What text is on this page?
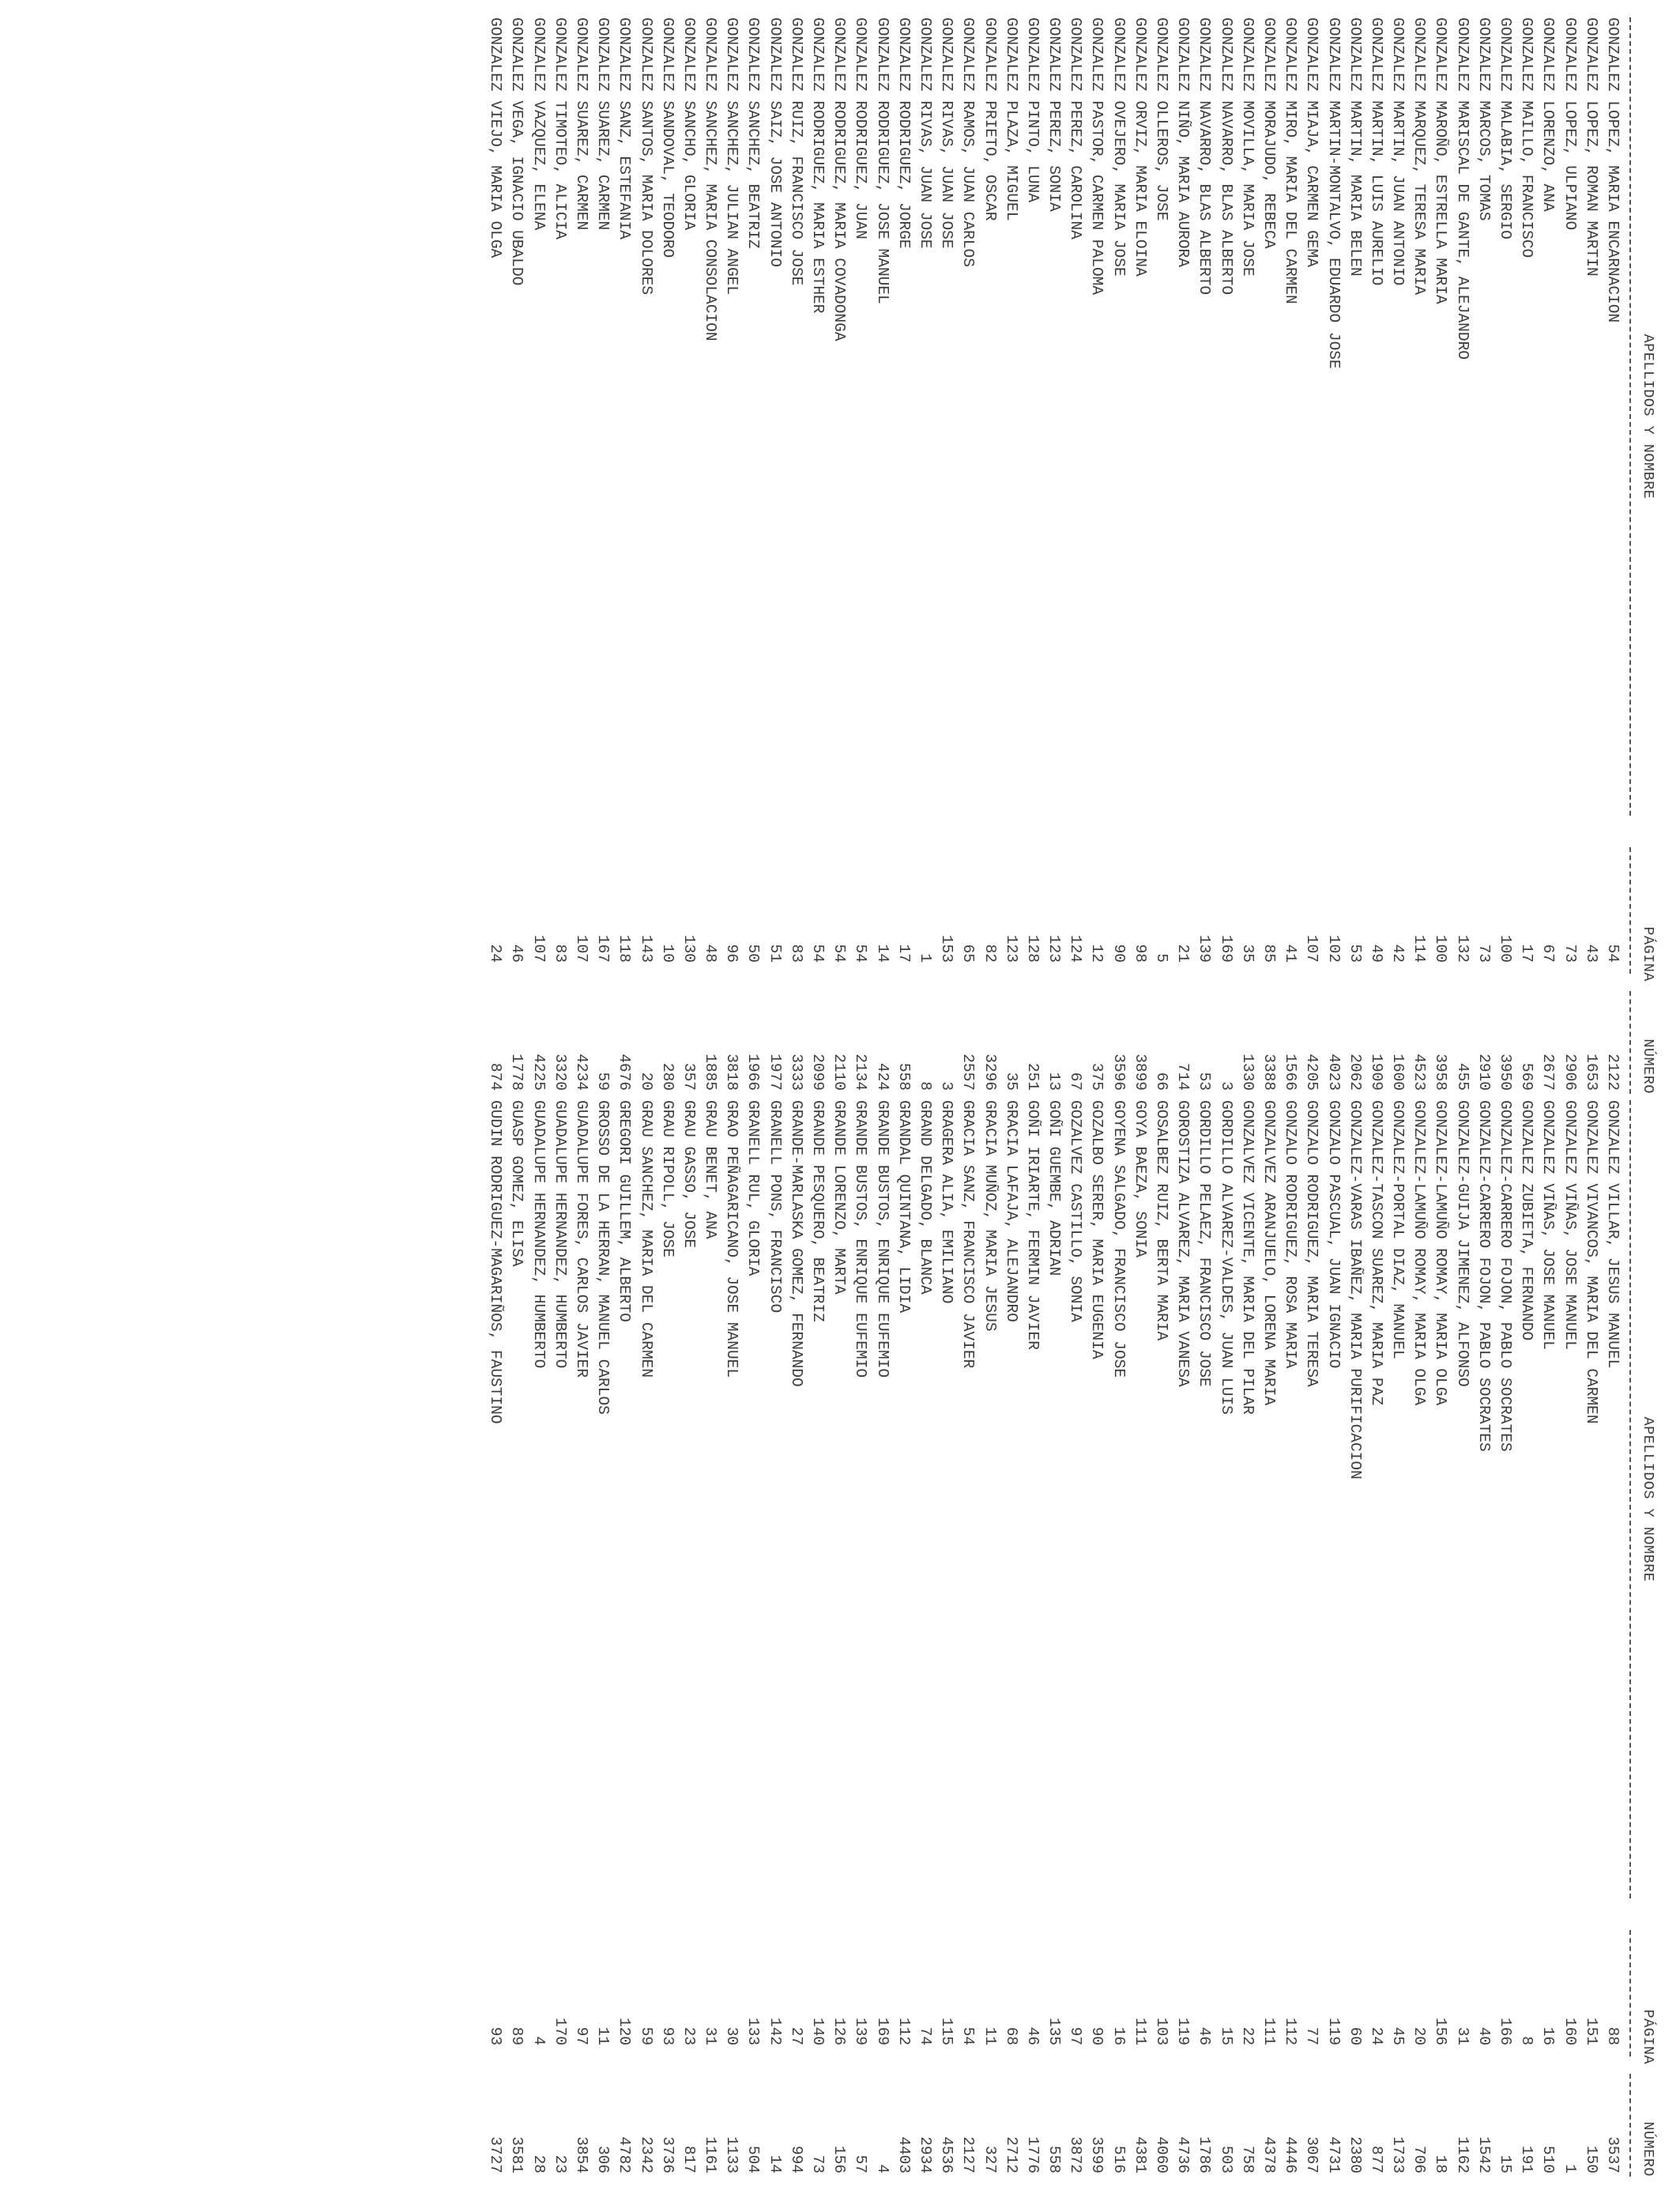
APELLIDOS Y NOMBRE
PÁGINA
NÚMERO
GONZALEZ LOPEZ, MARIA ENCARNACION
54
2122
GONZALEZ LOPEZ, ROMAN MARTIN
43
1653
GONZALEZ LOPEZ, ULPIANO
73
2906
GONZALEZ LORENZO, ANA
67
2677
GONZALEZ MAILLO, FRANCISCO
17
569
GONZALEZ MALABIA, SERGIO
100
3950
GONZALEZ MARCOS, TOMAS
73
2910
GONZALEZ MARISCAL DE GANTE, ALEJANDRO
132
455
GONZALEZ MAROÑO, ESTRELLA MARIA
100
3958
GONZALEZ MARQUEZ, TERESA MARIA
114
4523
GONZALEZ MARTIN, JUAN ANTONIO
42
1600
GONZALEZ MARTIN, LUIS AURELIO
49
1909
GONZALEZ MARTIN, MARIA BELEN
53
2062
GONZALEZ MARTIN-MONTALVO, EDUARDO JOSE
102
4023
GONZALEZ MIAJA, CARMEN GEMA
107
4205
GONZALEZ MIRO, MARIA DEL CARMEN
41
1566
GONZALEZ MORAJUDO, REBECA
85
3388
GONZALEZ MOVILLA, MARIA JOSE
35
1330
GONZALEZ NAVARRO, BLAS ALBERTO
169
3
GONZALEZ NAVARRO, BLAS ALBERTO
139
53
GONZALEZ NIÑO, MARIA AURORA
21
714
GONZALEZ OLLEROS, JOSE
5
66
GONZALEZ ORVIZ, MARIA ELOINA
98
3899
GONZALEZ OVEJERO, MARIA JOSE
90
3596
GONZALEZ PASTOR, CARMEN PALOMA
12
375
GONZALEZ PEREZ, CAROLINA
124
67
GONZALEZ PEREZ, SONIA
123
13
GONZALEZ PINTO, LUNA
128
251
GONZALEZ PLAZA, MIGUEL
123
35
GONZALEZ PRIETO, OSCAR
82
3296
GONZALEZ RAMOS, JUAN CARLOS
65
2557
GONZALEZ RIVAS, JUAN JOSE
153
3
GONZALEZ RIVAS, JUAN JOSE
1
8
GONZALEZ RODRIGUEZ, JORGE
17
558
GONZALEZ RODRIGUEZ, JOSE MANUEL
14
424
GONZALEZ RODRIGUEZ, JUAN
54
2134
GONZALEZ RODRIGUEZ, MARIA COVADONGA
54
2110
GONZALEZ RODRIGUEZ, MARIA ESTHER
54
2099
GONZALEZ RUIZ, FRANCISCO JOSE
83
3333
GONZALEZ SAIZ, JOSE ANTONIO
51
1977
GONZALEZ SANCHEZ, BEATRIZ
50
1966
GONZALEZ SANCHEZ, JULIAN ANGEL
96
3818
GONZALEZ SANCHEZ, MARIA CONSOLACION
48
1885
GONZALEZ SANCHO, GLORIA
130
357
GONZALEZ SANDOVAL, TEODORO
10
280
GONZALEZ SANTOS, MARIA DOLORES
143
20
GONZALEZ SANZ, ESTEFANIA
118
4676
GONZALEZ SUAREZ, CARMEN
167
59
GONZALEZ SUAREZ, CARMEN
107
4234
GONZALEZ TIMOTEO, ALICIA
83
3320
GONZALEZ VAZQUEZ, ELENA
107
4225
GONZALEZ VEGA, IGNACIO UBALDO
46
1778
GONZALEZ VIEJO, MARIA OLGA
24
874
APELLIDOS Y NOMBRE
PÁGINA
NÚMERO
GONZALEZ VILLAR, JESUS MANUEL
88
3537
GONZALEZ VIVANCOS, MARIA DEL CARMEN
151
150
GONZALEZ VIÑAS, JOSE MANUEL
160
1
GONZALEZ VIÑAS, JOSE MANUEL
16
510
GONZALEZ ZUBIETA, FERNANDO
8
191
GONZALEZ-CARRERO FOJON, PABLO SOCRATES
166
15
GONZALEZ-CARRERO FOJON, PABLO SOCRATES
40
1542
GONZALEZ-GUIJA JIMENEZ, ALFONSO
31
1162
GONZALEZ-LAMUÑO ROMAY, MARIA OLGA
156
18
GONZALEZ-LAMUÑO ROMAY, MARIA OLGA
20
706
GONZALEZ-PORTAL DIAZ, MANUEL
45
1733
GONZALEZ-TASCON SUAREZ, MARIA PAZ
24
877
GONZALEZ-VARAS IBAÑEZ, MARIA PURIFICACION
60
2380
GONZALO PASCUAL, JUAN IGNACIO
119
4731
GONZALO RODRIGUEZ, MARIA TERESA
77
3067
GONZALO RODRIGUEZ, ROSA MARIA
112
4446
GONZALVEZ ARANJUELO, LORENA MARIA
111
4378
GONZALVEZ VICENTE, MARIA DEL PILAR
22
758
GORDILLO ALVAREZ-VALDES, JUAN LUIS
15
503
GORDILLO PELAEZ, FRANCISCO JOSE
46
1786
GOROSTIZA ALVAREZ, MARIA VANESA
119
4736
GOSALBEZ RUIZ, BERTA MARIA
103
4060
GOYA BAEZA, SONIA
111
4381
GOYENA SALGADO, FRANCISCO JOSE
16
516
GOZALBO SERER, MARIA EUGENIA
90
3599
GOZALVEZ CASTILLO, SONIA
97
3872
GOÑI GUEMBE, ADRIAN
135
558
GOÑI IRIARTE, FERMIN JAVIER
46
1776
GRACIA LAFAJA, ALEJANDRO
68
2712
GRACIA MUÑOZ, MARIA JESUS
11
327
GRACIA SANZ, FRANCISCO JAVIER
54
2127
GRAGERA ALIA, EMILIANO
115
4536
GRAND DELGADO, BLANCA
74
2934
GRANDAL QUINTANA, LIDIA
112
4403
GRANDE BUSTOS, ENRIQUE EUFEMIO
169
4
GRANDE BUSTOS, ENRIQUE EUFEMIO
139
57
GRANDE LORENZO, MARTA
126
156
GRANDE PESQUERO, BEATRIZ
140
73
GRANDE-MARLASKA GOMEZ, FERNANDO
27
994
GRANELL PONS, FRANCISCO
142
14
GRANELL RUL, GLORIA
133
504
GRAO PEÑAGARICANO, JOSE MANUEL
30
1133
GRAU BENET, ANA
31
1161
GRAU GASSO, JOSE
23
817
GRAU RIPOLL, JOSE
93
3736
GRAU SANCHEZ, MARIA DEL CARMEN
59
2342
GREGORI GUILLEM, ALBERTO
120
4782
GROSSO DE LA HERRAN, MANUEL CARLOS
11
306
GUADALUPE FORES, CARLOS JAVIER
97
3854
GUADALUPE HERNANDEZ, HUMBERTO
170
23
GUADALUPE HERNANDEZ, HUMBERTO
4
28
GUASP GOMEZ, ELISA
89
3581
GUDIN RODRIGUEZ-MAGARIÑOS, FAUSTINO
93
3727
